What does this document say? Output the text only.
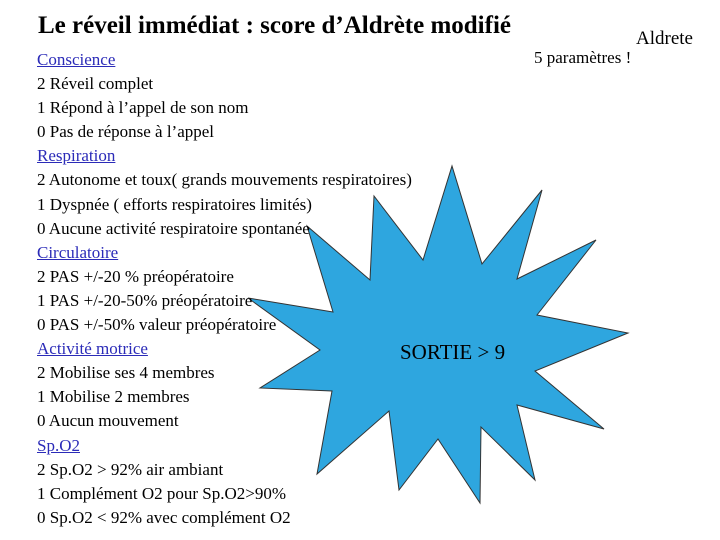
Le réveil immédiat : score d’Aldrète modifié	Aldrete
5 paramètres !
Conscience
2 Réveil complet
1 Répond à l’appel de son nom
0 Pas de réponse à l’appel
Respiration
2 Autonome et toux( grands mouvements respiratoires)
1 Dyspnée ( efforts respiratoires limités)
0 Aucune activité respiratoire spontanée
Circulatoire
2 PAS +/-20 % préopératoire
1 PAS +/-20-50% préopératoire
0 PAS +/-50% valeur préopératoire
Activité motrice
2 Mobilise ses 4 membres
1 Mobilise 2 membres
0 Aucun mouvement
Sp.O2
2 Sp.O2 > 92% air ambiant
1 Complément O2 pour Sp.O2>90%
0 Sp.O2 < 92% avec complément O2
SORTIE > 9
